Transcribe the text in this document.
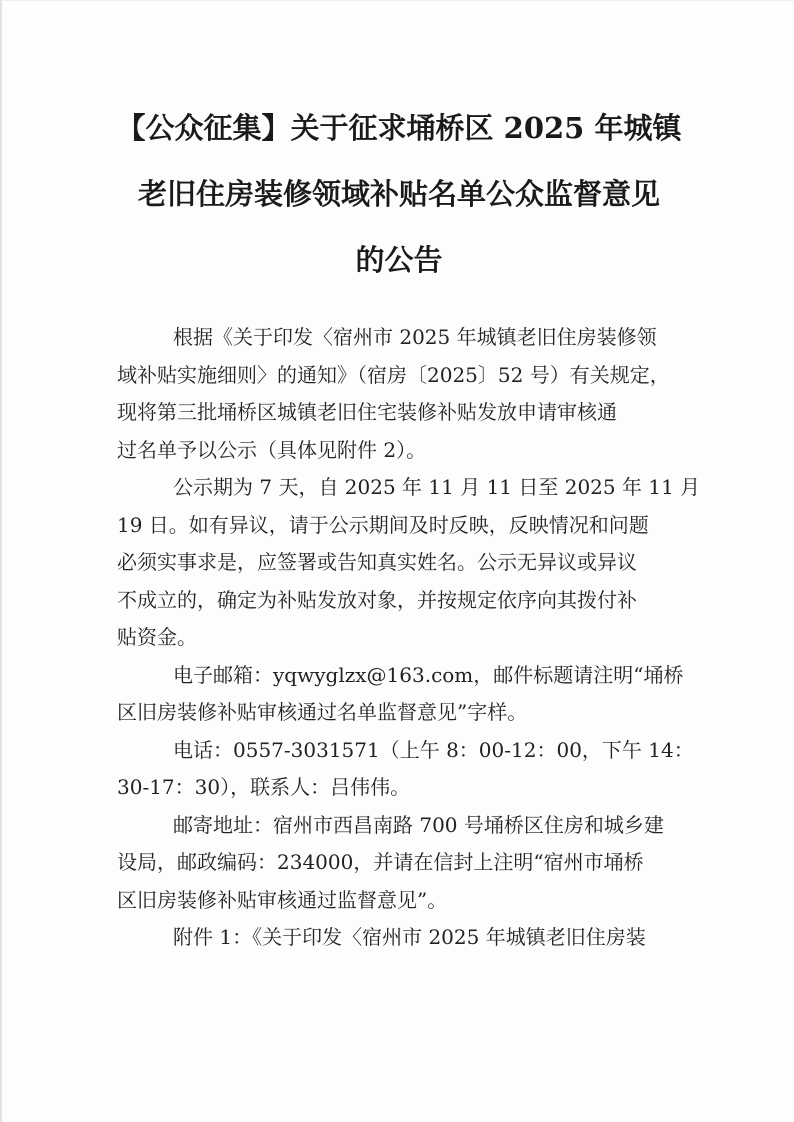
【公众征集】关于征求埇桥区 2025 年城镇
老旧住房装修领域补贴名单公众监督意见
的公告

根据《关于印发〈宿州市 2025 年城镇老旧住房装修领

域补贴实施细则〉的通知》（宿房〔2025〕52 号）有关规定，

现将第三批埇桥区城镇老旧住宅装修补贴发放申请审核通

过名单予以公示（具体见附件 2）。

公示期为 7 天，自 2025 年 11 月 11 日至 2025 年 11 月

19 日。如有异议，请于公示期间及时反映，反映情况和问题

必须实事求是，应签署或告知真实姓名。公示无异议或异议

不成立的，确定为补贴发放对象，并按规定依序向其拨付补

贴资金。

电子邮箱：yqwyglzx@163.com，邮件标题请注明“埇桥

区旧房装修补贴审核通过名单监督意见”字样。

电话：0557-3031571（上午 8：00-12：00，下午 14：

30-17：30），联系人：吕伟伟。

邮寄地址：宿州市西昌南路 700 号埇桥区住房和城乡建

设局，邮政编码：234000，并请在信封上注明“宿州市埇桥

区旧房装修补贴审核通过监督意见”。

附件 1：《关于印发〈宿州市 2025 年城镇老旧住房装
